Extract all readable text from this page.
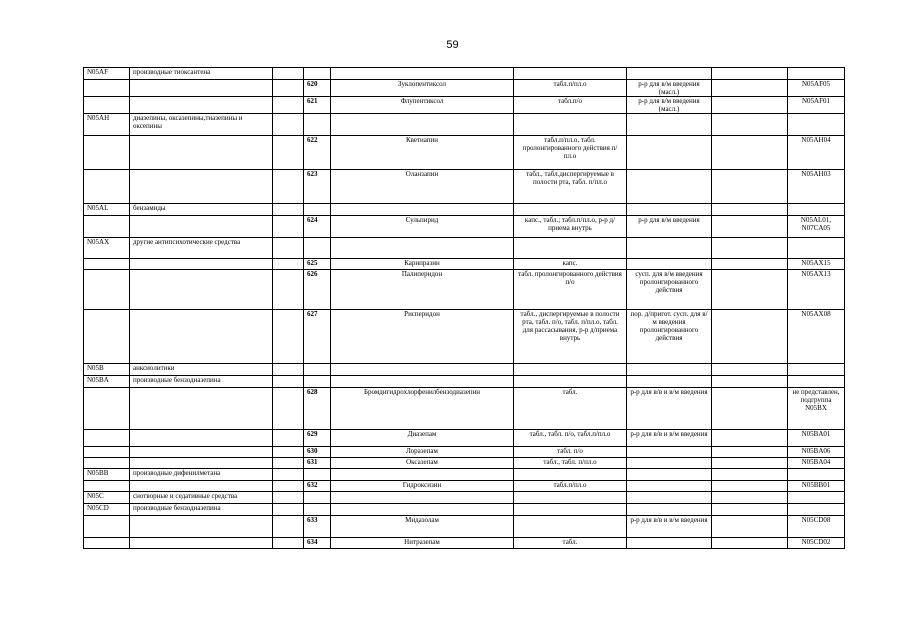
59
N05AF	производные тиоксантена							
			620	Зуклопентиксол	табл.п/пл.о	р-р для в/м введения (масл.)		N05AF05
			621	Флупентиксол	табл.п/о	р-р для в/м введения (масл.)		N05AF01
N05AH	диазепины, оксазепины,тиазепины и оксепины							
			622	Кветиапин	табл.п/пл.о, табл. пролонгированного действия п/пл.о			N05AH04
			623	Оланзапин	табл., табл.диспергируемые в полости рта, табл. п/пл.о			N05AH03
N05AL	бензамиды							
			624	Сульпирид	капс., табл.; табл.п/пл.о, р-р д/приема внутрь	р-р для в/м введения		N05AL01, N07CA05
N05AX	другие антипсихотические средства							
			625	Карипразин	капс.			N05AX15
			626	Палиперидон	табл. пролонгированного действия п/о	сусп. для в/м введения пролонгированного действия		N05AX13
			627	Рисперидон	табл., диспергируемые в полости рта, табл. п/о, табл. п/пл.о, табл. для рассасывания, р-р д/приема внутрь	пор. д/пригот. сусп. для в/м введения пролонгированного действия		N05AX08
N05B	анксиолитики							
N05BA	производные бензодиазепина							
			628	Бромдигидрохлорфенилбензодиазепин	табл.	р-р для в/в и в/м введения		не представлен, подгруппа N05BX
			629	Диазепам	табл., табл. п/о, табл.п/пл.о	р-р для в/в и в/м введения		N05BA01
			630	Лоразепам	табл. п/о			N05BA06
			631	Оксазепам	табл., табл. п/пл.о			N05BA04
N05BB	производные дифенилметана							
			632	Гидроксизин	табл.п/пл.о			N05BB01
N05C	снотворные и седативные средства							
N05CD	производные бензодиазепина							
			633	Мидазолам		р-р для в/в и в/м введения		N05CD08
			634	Нитразепам	табл.			N05CD02
